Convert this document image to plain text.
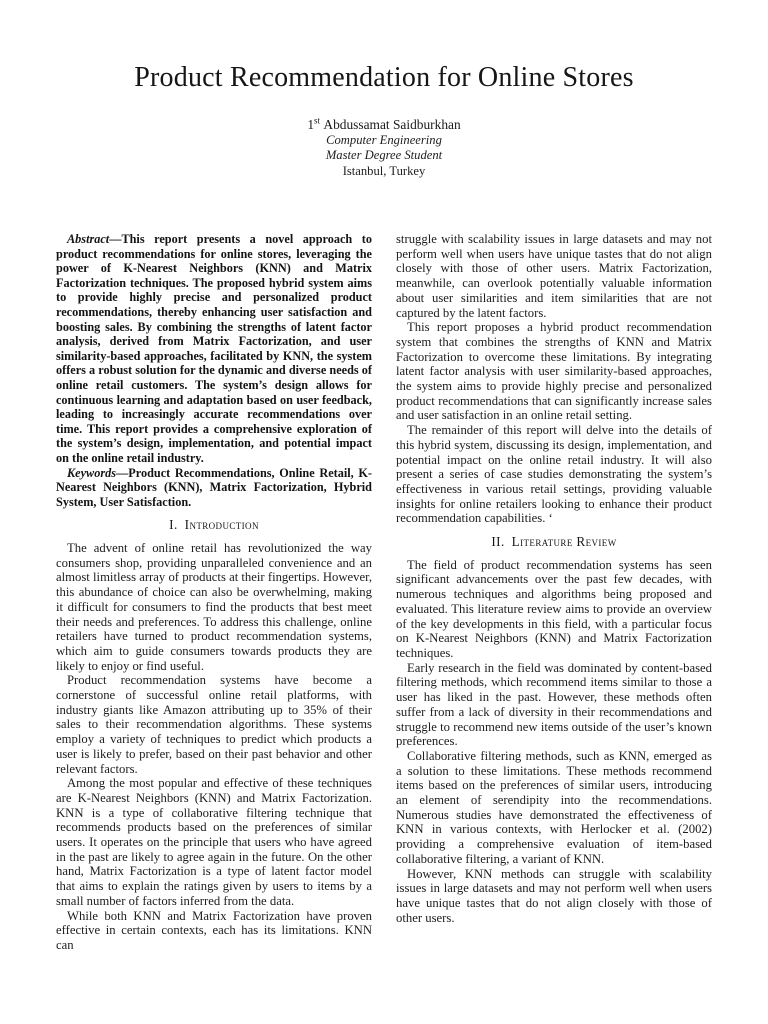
Product Recommendation for Online Stores
1st Abdussamat Saidburkhan
Computer Engineering
Master Degree Student
Istanbul, Turkey

Abstract—This report presents a novel approach to product recommendations for online stores, leveraging the power of K-Nearest Neighbors (KNN) and Matrix Factorization techniques. The proposed hybrid system aims to provide highly precise and personalized product recommendations, thereby enhancing user satisfaction and boosting sales. By combining the strengths of latent factor analysis, derived from Matrix Factorization, and user similarity-based approaches, facilitated by KNN, the system offers a robust solution for the dynamic and diverse needs of online retail customers. The system’s design allows for continuous learning and adaptation based on user feedback, leading to increasingly accurate recommendations over time. This report provides a comprehensive exploration of the system’s design, implementation, and potential impact on the online retail industry.

Keywords—Product Recommendations, Online Retail, K-Nearest Neighbors (KNN), Matrix Factorization, Hybrid System, User Satisfaction.

I. Introduction

The advent of online retail has revolutionized the way consumers shop, providing unparalleled convenience and an almost limitless array of products at their fingertips. However, this abundance of choice can also be overwhelming, making it difficult for consumers to find the products that best meet their needs and preferences. To address this challenge, online retailers have turned to product recommendation systems, which aim to guide consumers towards products they are likely to enjoy or find useful.

Product recommendation systems have become a cornerstone of successful online retail platforms, with industry giants like Amazon attributing up to 35% of their sales to their recommendation algorithms. These systems employ a variety of techniques to predict which products a user is likely to prefer, based on their past behavior and other relevant factors.

Among the most popular and effective of these techniques are K-Nearest Neighbors (KNN) and Matrix Factorization. KNN is a type of collaborative filtering technique that recommends products based on the preferences of similar users. It operates on the principle that users who have agreed in the past are likely to agree again in the future. On the other hand, Matrix Factorization is a type of latent factor model that aims to explain the ratings given by users to items by a small number of factors inferred from the data.

While both KNN and Matrix Factorization have proven effective in certain contexts, each has its limitations. KNN can

struggle with scalability issues in large datasets and may not perform well when users have unique tastes that do not align closely with those of other users. Matrix Factorization, meanwhile, can overlook potentially valuable information about user similarities and item similarities that are not captured by the latent factors.

This report proposes a hybrid product recommendation system that combines the strengths of KNN and Matrix Factorization to overcome these limitations. By integrating latent factor analysis with user similarity-based approaches, the system aims to provide highly precise and personalized product recommendations that can significantly increase sales and user satisfaction in an online retail setting.

The remainder of this report will delve into the details of this hybrid system, discussing its design, implementation, and potential impact on the online retail industry. It will also present a series of case studies demonstrating the system’s effectiveness in various retail settings, providing valuable insights for online retailers looking to enhance their product recommendation capabilities. ‘

II. Literature Review

The field of product recommendation systems has seen significant advancements over the past few decades, with numerous techniques and algorithms being proposed and evaluated. This literature review aims to provide an overview of the key developments in this field, with a particular focus on K-Nearest Neighbors (KNN) and Matrix Factorization techniques.

Early research in the field was dominated by content-based filtering methods, which recommend items similar to those a user has liked in the past. However, these methods often suffer from a lack of diversity in their recommendations and struggle to recommend new items outside of the user’s known preferences.

Collaborative filtering methods, such as KNN, emerged as a solution to these limitations. These methods recommend items based on the preferences of similar users, introducing an element of serendipity into the recommendations. Numerous studies have demonstrated the effectiveness of KNN in various contexts, with Herlocker et al. (2002) providing a comprehensive evaluation of item-based collaborative filtering, a variant of KNN.

However, KNN methods can struggle with scalability issues in large datasets and may not perform well when users have unique tastes that do not align closely with those of other users.
